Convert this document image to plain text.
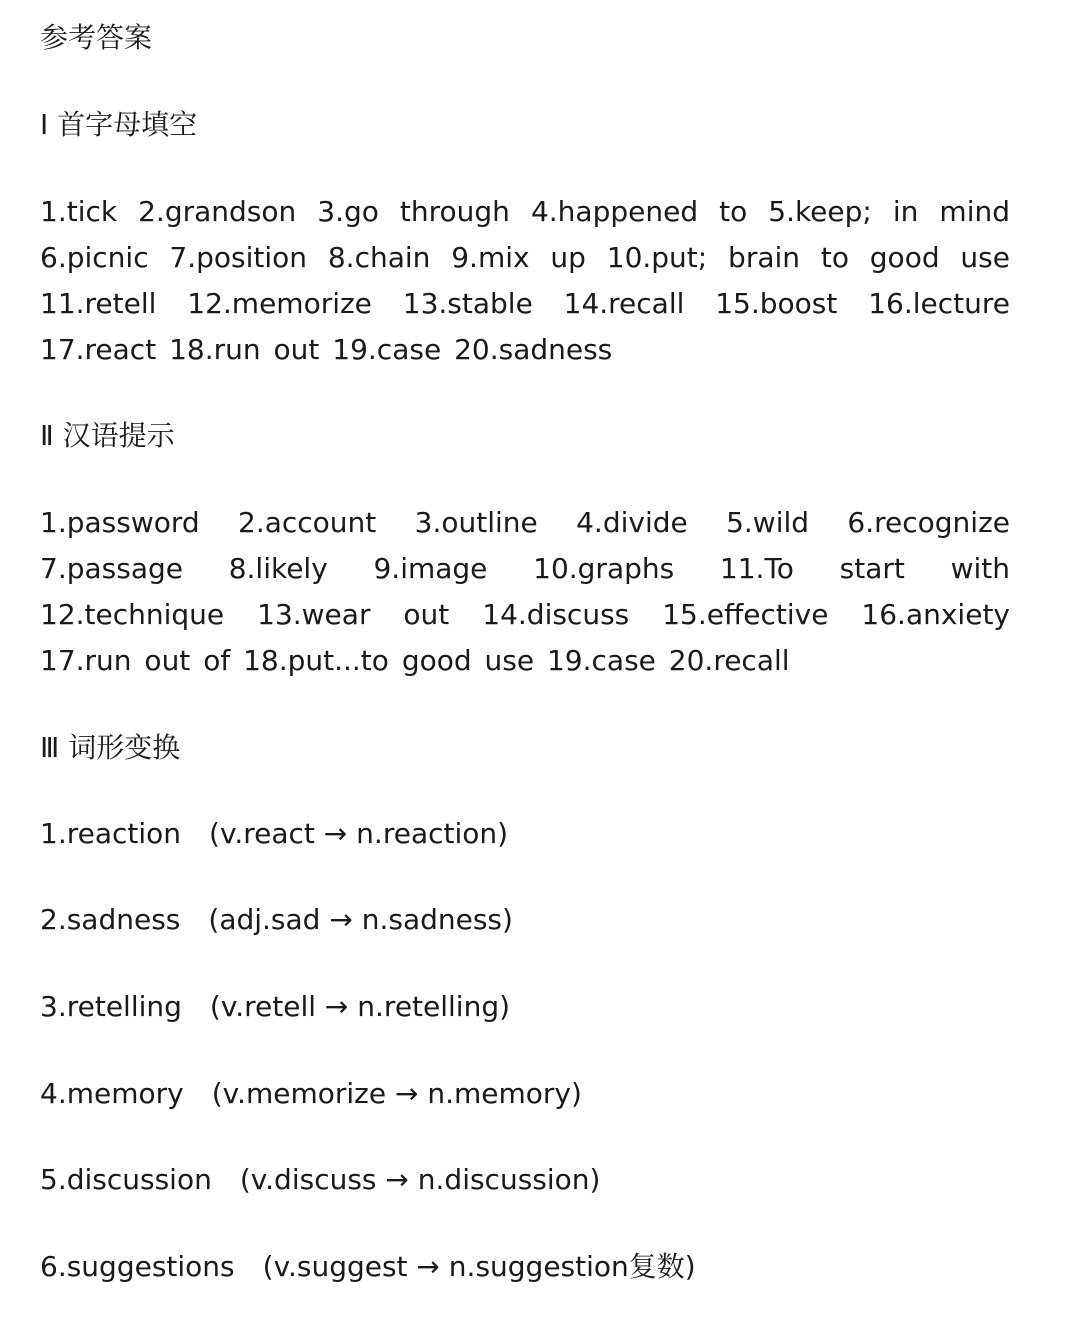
参考答案
Ⅰ 首字母填空
1.tick 2.grandson 3.go through 4.happened to 5.keep; in mind 6.picnic 7.position 8.chain 9.mix up 10.put; brain to good use 11.retell 12.memorize 13.stable 14.recall 15.boost 16.lecture 17.react 18.run out 19.case 20.sadness
Ⅱ 汉语提示
1.password 2.account 3.outline 4.divide 5.wild 6.recognize 7.passage 8.likely 9.image 10.graphs 11.To start with 12.technique 13.wear out 14.discuss 15.effective 16.anxiety 17.run out of 18.put...to good use 19.case 20.recall
Ⅲ 词形变换
1.reaction (v.react → n.reaction)
2.sadness (adj.sad → n.sadness)
3.retelling (v.retell → n.retelling)
4.memory (v.memorize → n.memory)
5.discussion (v.discuss → n.discussion)
6.suggestions (v.suggest → n.suggestion复数)
